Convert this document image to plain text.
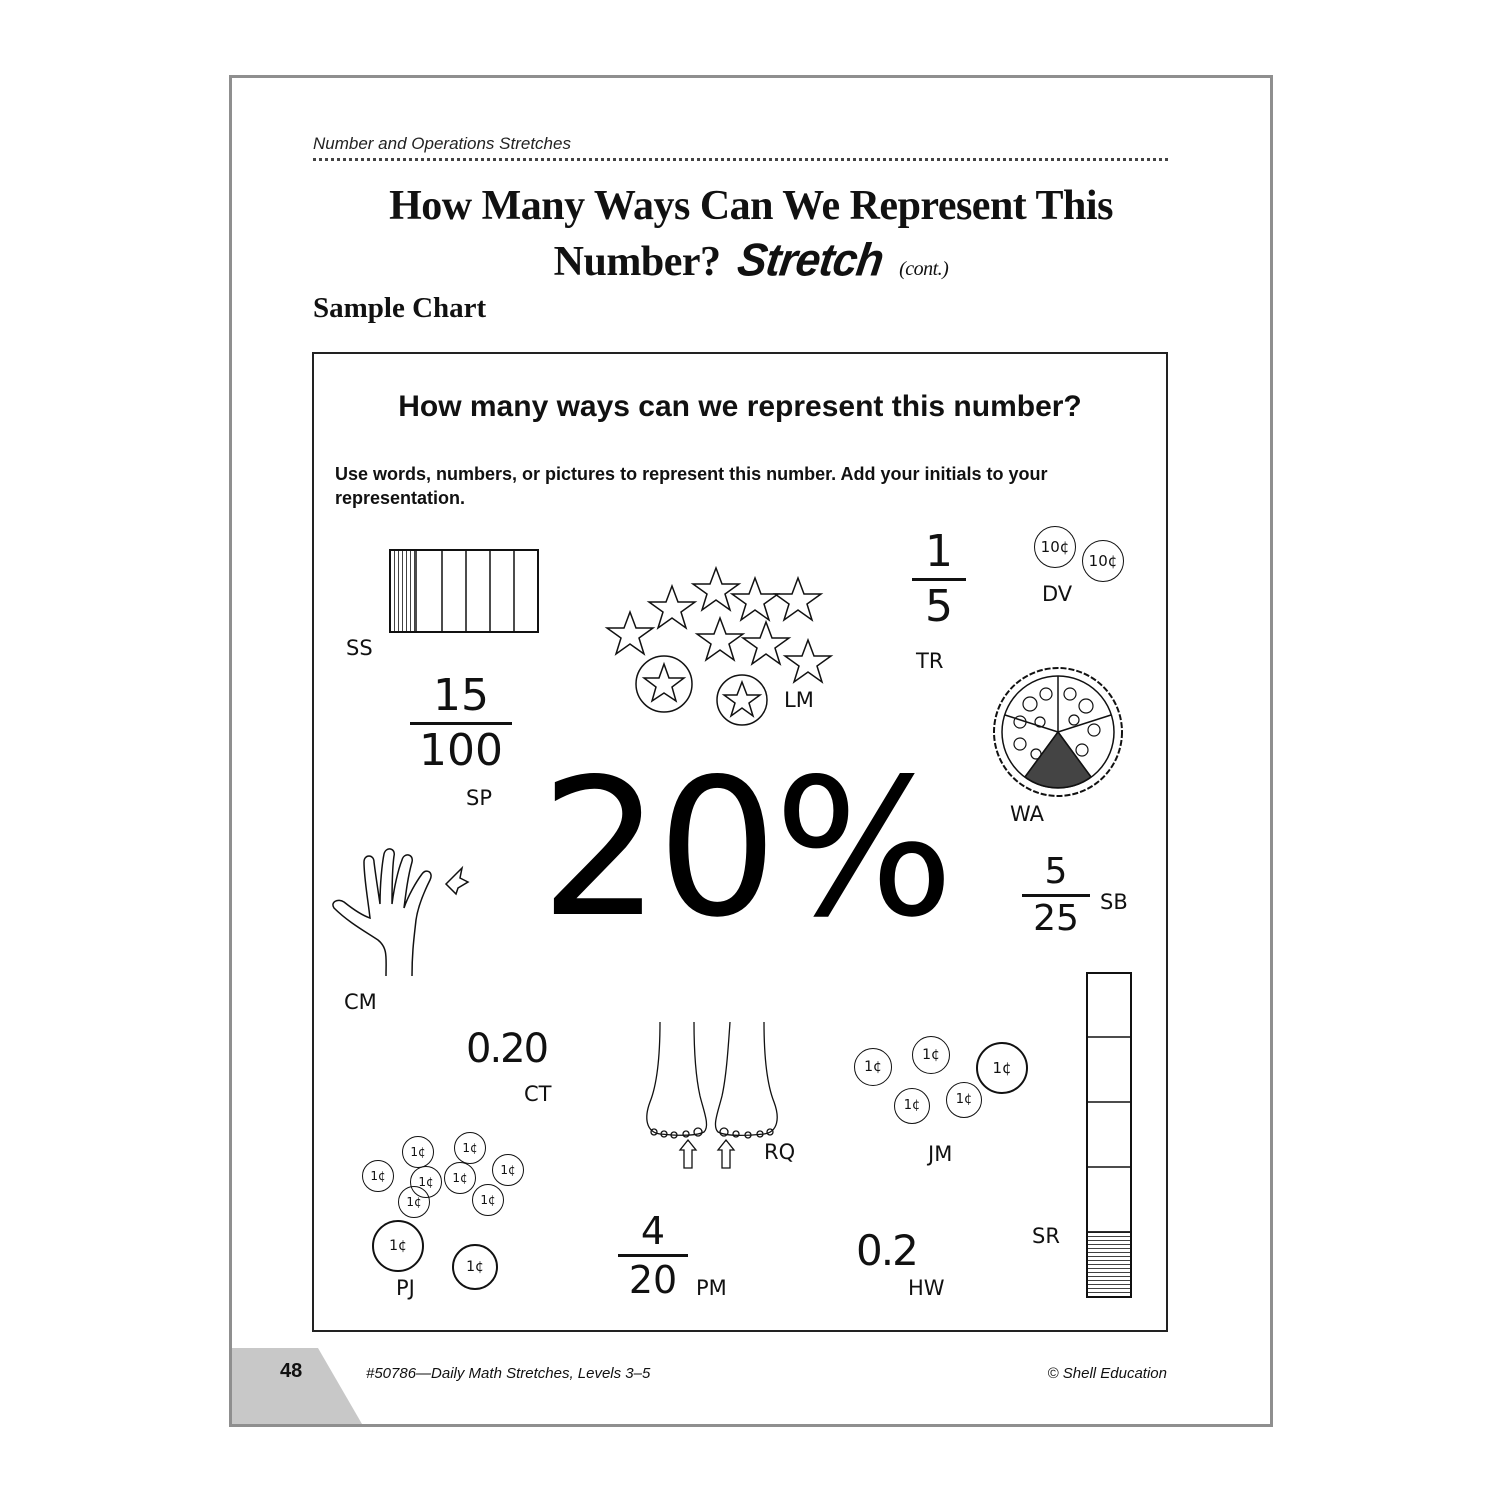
Number and Operations Stretches
How Many Ways Can We Represent This
Number? Stretch (cont.)
Sample Chart
How many ways can we represent this number?
Use words, numbers, or pictures to represent this number. Add your initials to your representation.
SS
LM
1
5
TR
10¢
10¢
DV
15
100
SP
WA
20%
CM
5
25	SB
SR
0.20
CT
RQ
1¢
1¢
1¢
1¢	1¢
JM
1¢	1¢
1¢	1¢	1¢
1¢
1¢	1¢
1¢
1¢
PJ
4
20 PM
0.2
HW
48	#50786—Daily Math Stretches, Levels 3–5	© Shell Education
